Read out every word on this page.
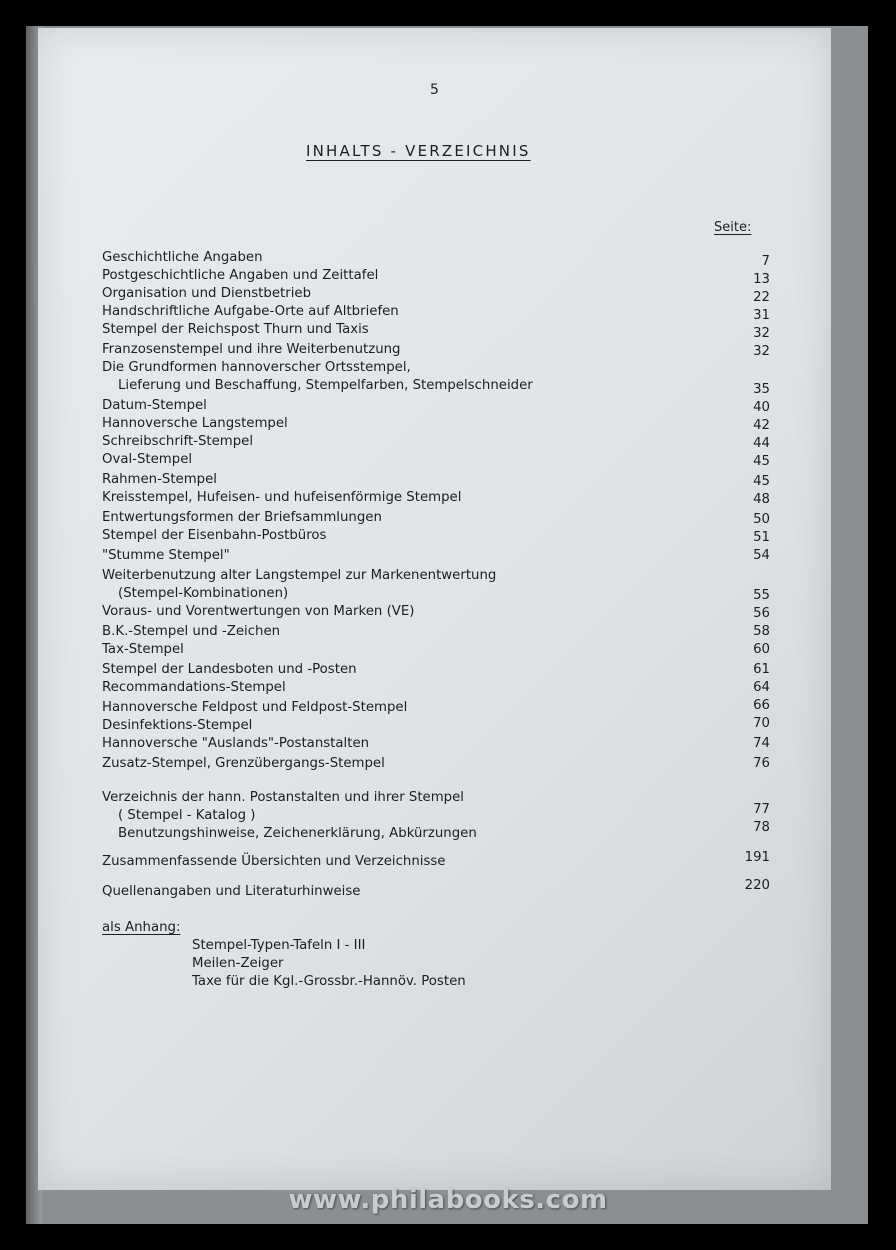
5
INHALTS - VERZEICHNIS
Seite:
Geschichtliche Angaben	7
Postgeschichtliche Angaben und Zeittafel	13
Organisation und Dienstbetrieb	22
Handschriftliche Aufgabe-Orte auf Altbriefen	31
Stempel der Reichspost Thurn und Taxis	32
Franzosenstempel und ihre Weiterbenutzung	32
Die Grundformen hannoverscher Ortsstempel,
Lieferung und Beschaffung, Stempelfarben, Stempelschneider	35
Datum-Stempel	40
Hannoversche Langstempel	42
Schreibschrift-Stempel	44
Oval-Stempel	45
Rahmen-Stempel	45
Kreisstempel, Hufeisen- und hufeisenförmige Stempel	48
Entwertungsformen der Briefsammlungen	50
Stempel der Eisenbahn-Postbüros	51
"Stumme Stempel"	54
Weiterbenutzung alter Langstempel zur Markenentwertung
(Stempel-Kombinationen)	55
Voraus- und Vorentwertungen von Marken (VE)	56
B.K.-Stempel und -Zeichen	58
Tax-Stempel	60
Stempel der Landesboten und -Posten	61
Recommandations-Stempel	64
Hannoversche Feldpost und Feldpost-Stempel	66
Desinfektions-Stempel	70
Hannoversche "Auslands"-Postanstalten	74
Zusatz-Stempel, Grenzübergangs-Stempel	76
Verzeichnis der hann. Postanstalten und ihrer Stempel
( Stempel - Katalog )	77
Benutzungshinweise, Zeichenerklärung, Abkürzungen	78
Zusammenfassende Übersichten und Verzeichnisse	191
Quellenangaben und Literaturhinweise	220
als Anhang:
Stempel-Typen-Tafeln I - III
Meilen-Zeiger
Taxe für die Kgl.-Grossbr.-Hannöv. Posten
www.philabooks.com
